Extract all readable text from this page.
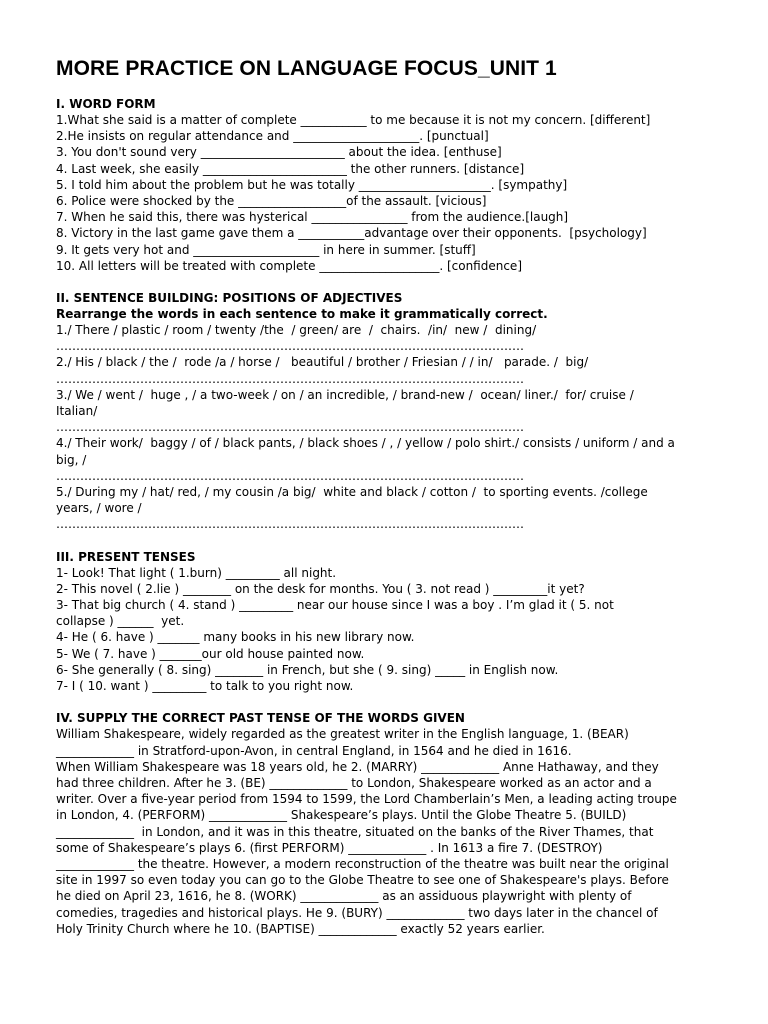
MORE PRACTICE ON LANGUAGE FOCUS_UNIT 1
I. WORD FORM
1.What she said is a matter of complete ___________ to me because it is not my concern. [different]
2.He insists on regular attendance and _____________________. [punctual]
3. You don't sound very ________________________ about the idea. [enthuse]
4. Last week, she easily ________________________ the other runners. [distance]
5. I told him about the problem but he was totally ______________________. [sympathy]
6. Police were shocked by the __________________of the assault. [vicious]
7. When he said this, there was hysterical ________________ from the audience.[laugh]
8. Victory in the last game gave them a ___________advantage over their opponents.  [psychology]
9. It gets very hot and _____________________ in here in summer. [stuff]
10. All letters will be treated with complete ____________________. [confidence]
II. SENTENCE BUILDING: POSITIONS OF ADJECTIVES
Rearrange the words in each sentence to make it grammatically correct.
1./ There / plastic / room / twenty /the  / green/ are  /  chairs.  /in/  new /  dining/
………………………………………………………………………………………………………
2./ His / black / the /  rode /a / horse /   beautiful / brother / Friesian / / in/   parade. /  big/
………………………………………………………………………………………………………
3./ We / went /  huge , / a two-week / on / an incredible, / brand-new /  ocean/ liner./  for/ cruise /
Italian/
………………………………………………………………………………………………………
4./ Their work/  baggy / of / black pants, / black shoes / , / yellow / polo shirt./ consists / uniform / and a
big, /
………………………………………………………………………………………………………
5./ During my / hat/ red, / my cousin /a big/  white and black / cotton /  to sporting events. /college
years, / wore /
………………………………………………………………………………………………………
III. PRESENT TENSES
1- Look! That light ( 1.burn) _________ all night.
2- This novel ( 2.lie ) ________ on the desk for months. You ( 3. not read ) _________it yet?
3- That big church ( 4. stand ) _________ near our house since I was a boy . I’m glad it ( 5. not
collapse ) ______  yet.
4- He ( 6. have ) _______ many books in his new library now.
5- We ( 7. have ) _______our old house painted now.
6- She generally ( 8. sing) ________ in French, but she ( 9. sing) _____ in English now.
7- I ( 10. want ) _________ to talk to you right now.
IV. SUPPLY THE CORRECT PAST TENSE OF THE WORDS GIVEN
William Shakespeare, widely regarded as the greatest writer in the English language, 1. (BEAR)
_____________ in Stratford-upon-Avon, in central England, in 1564 and he died in 1616.
When William Shakespeare was 18 years old, he 2. (MARRY) _____________ Anne Hathaway, and they
had three children. After he 3. (BE) _____________ to London, Shakespeare worked as an actor and a
writer. Over a five-year period from 1594 to 1599, the Lord Chamberlain’s Men, a leading acting troupe
in London, 4. (PERFORM) _____________ Shakespeare’s plays. Until the Globe Theatre 5. (BUILD)
_____________  in London, and it was in this theatre, situated on the banks of the River Thames, that
some of Shakespeare’s plays 6. (first PERFORM) _____________ . In 1613 a fire 7. (DESTROY)
_____________ the theatre. However, a modern reconstruction of the theatre was built near the original
site in 1997 so even today you can go to the Globe Theatre to see one of Shakespeare's plays. Before
he died on April 23, 1616, he 8. (WORK) _____________ as an assiduous playwright with plenty of
comedies, tragedies and historical plays. He 9. (BURY) _____________ two days later in the chancel of
Holy Trinity Church where he 10. (BAPTISE) _____________ exactly 52 years earlier.
